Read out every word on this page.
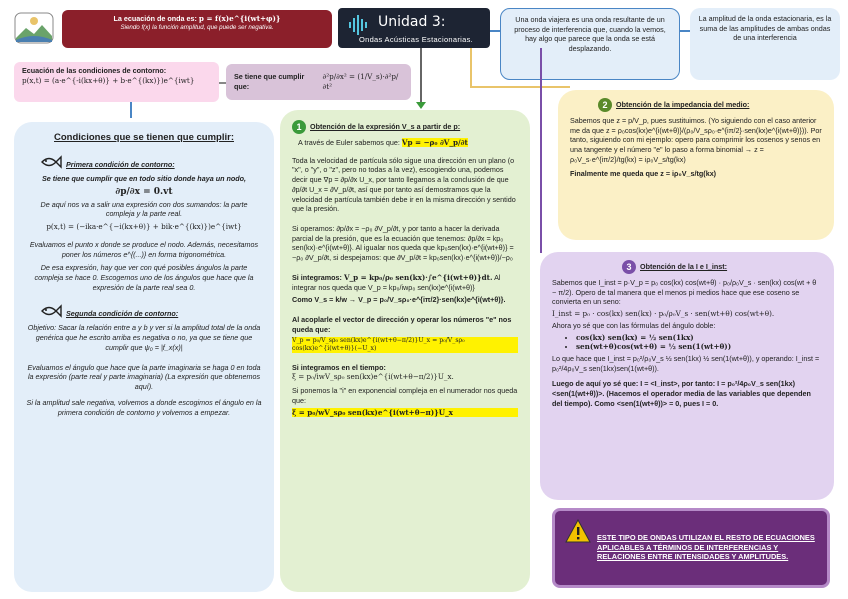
La ecuación de onda es: p = f(x)e^{i(wt+φ)}
Siendo f(x) la función amplitud, que puede ser negativa.	Unidad 3:
Ondas Acústicas Estacionarias.
Una onda viajera es una onda resultante de un proceso de interferencia que, cuando la vemos, hay algo que parece que la onda se está desplazando.
La amplitud de la onda estacionaria, es la suma de las amplitudes de ambas ondas de una interferencia
Ecuación de las condiciones de contorno:
p(x,t) = (a·e^{-i(kx+θ)} + b·e^{(kx)})e^{iwt}	Se tiene que cumplir que:
∂²p/∂x² = (1/V_s)·∂²p/∂t²
Condiciones que se tienen que cumplir:
Primera condición de contorno:
Se tiene que cumplir que en todo sitio donde haya un nodo,
∂p/∂x = 0.vt
De aquí nos va a salir una expresión con dos sumandos: la parte compleja y la parte real.
p(x,t) = (−ika·e^{−i(kx+θ)} + bik·e^{(kx)})e^{iwt}
Evaluamos el punto x donde se produce el nodo. Además, necesitamos poner los números e^{(...)} en forma trigonométrica.
De esa expresión, hay que ver con qué posibles ángulos la parte compleja se hace 0. Escogemos uno de los ángulos que hace que la expresión de la parte real sea 0.
Segunda condición de contorno:
Objetivo: Sacar la relación entre a y b y ver si la amplitud total de la onda genérica que he escrito arriba es negativa o no, ya que se tiene que cumplir que ψ₀ = |f_x(x)|
Evaluamos el ángulo que hace que la parte imaginaria se haga 0 en toda la expresión (parte real y parte imaginaria) (La expresión que obtenemos aquí).
Si la amplitud sale negativa, volvemos a donde escogimos el ángulo en la primera condición de contorno y volvemos a empezar.
1	Obtención de la expresión V_s a partir de p:
A través de Euler sabemos que: Vp = −ρ₀ ∂V_p/∂t
Toda la velocidad de partícula sólo sigue una dirección en un plano (o "x", o "y", o "z", pero no todas a la vez), escogiendo una, podemos decir que ∇p = ∂p/∂x U_x, por tanto llegamos a la conclusión de que ∂p/∂t U_x = ∂V_p/∂t, así que por tanto así demostramos que la velocidad de partícula también debe ir en la misma dirección y sentido que la presión.
Si operamos: ∂p/∂x = −ρ₀ ∂V_p/∂t, y por tanto a hacer la derivada parcial de la presión, que es la ecuación que tenemos: ∂p/∂x = kp₀ sen(kx)·e^{i(wt+θ)}. Al igualar nos queda que kp₀sen(kx)·e^{i(wt+θ)} = −ρ₀ ∂V_p/∂t, si despejamos: que ∂V_p/∂t = kp₀sen(kx)·e^{i(wt+θ)}/−ρ₀
Si integramos: V_p = kp₀/ρ₀ sen(kx)·∫e^{i(wt+θ)}dt. Al integrar nos queda que V_p = kp₀/iwρ₀ sen(kx)e^{i(wt+θ)}
Como V_s = k/w → V_p = p₀/V_sρ₀·e^{iπ/2}·sen(kx)e^{i(wt+θ)}.
Al acoplarle el vector de dirección y operar los números "e" nos queda que:
V_p = p₀/V_sρ₀ sen(kx)e^{i(wt+θ−π/2)}U_x = p₀/V_sρ₀ cos(kx)e^{i(wt+θ)}(−U_x)
Si integramos en el tiempo:
ξ = p₀/iwV_sρ₀ sen(kx)e^{i(wt+θ−π/2)}U_x.
Si ponemos la "i" en exponencial compleja en el numerador nos queda que:
ξ = p₀/wV_sρ₀ sen(kx)e^{i(wt+θ−π)}U_x
2	Obtención de la impedancia del medio:
Sabemos que z = p/V_p, pues sustituimos. (Yo siguiendo con el caso anterior me da que z = ρ₀cos(kx)e^{i(wt+θ)}/(ρ₀/V_sρ₀·e^{iπ/2}·sen(kx)e^{i(wt+θ)})). Por tanto, siguiendo con mi ejemplo: opero para comprimir los cosenos y senos en una tangente y el número "e" lo paso a forma binomial → z = ρ₀V_s·e^{iπ/2}/tg(kx) = iρ₀V_s/tg(kx)
Finalmente me queda que z = iρ₀V_s/tg(kx)
3	Obtención de la I e I_inst:
Sabemos que I_inst = p·V_p = p₀ cos(kx) cos(wt+θ) · p₀/ρ₀V_s · sen(kx) cos(wt + θ − π/2). Opero de tal manera que el menos pi medios hace que ese coseno se convierta en un seno:
I_inst = p₀ · cos(kx) sen(kx) · p₀/ρ₀V_s · sen(wt+θ) cos(wt+θ).
Ahora yo sé que con las fórmulas del ángulo doble:
• cos(kx) sen(kx) = ½ sen(1kx)
• sen(wt+θ)cos(wt+θ) = ½ sen(1(wt+θ))
Lo que hace que I_inst = p₀²/ρ₀V_s ½ sen(1kx) ½ sen(1(wt+θ)), y operando: I_inst = p₀²/4ρ₀V_s sen(1kx)sen(1(wt+θ)).
Luego de aquí yo sé que: I = <I_inst>, por tanto: I = p₀²/4ρ₀V_s sen(1kx) <sen(1(wt+θ))>. (Hacemos el operador media de las variables que dependen del tiempo). Como <sen(1(wt+θ))> = 0, pues I = 0.
ESTE TIPO DE ONDAS UTILIZAN EL RESTO DE ECUACIONES APLICABLES A TÉRMINOS DE INTERFERENCIAS Y RELACIONES ENTRE INTENSIDADES Y AMPLITUDES.
